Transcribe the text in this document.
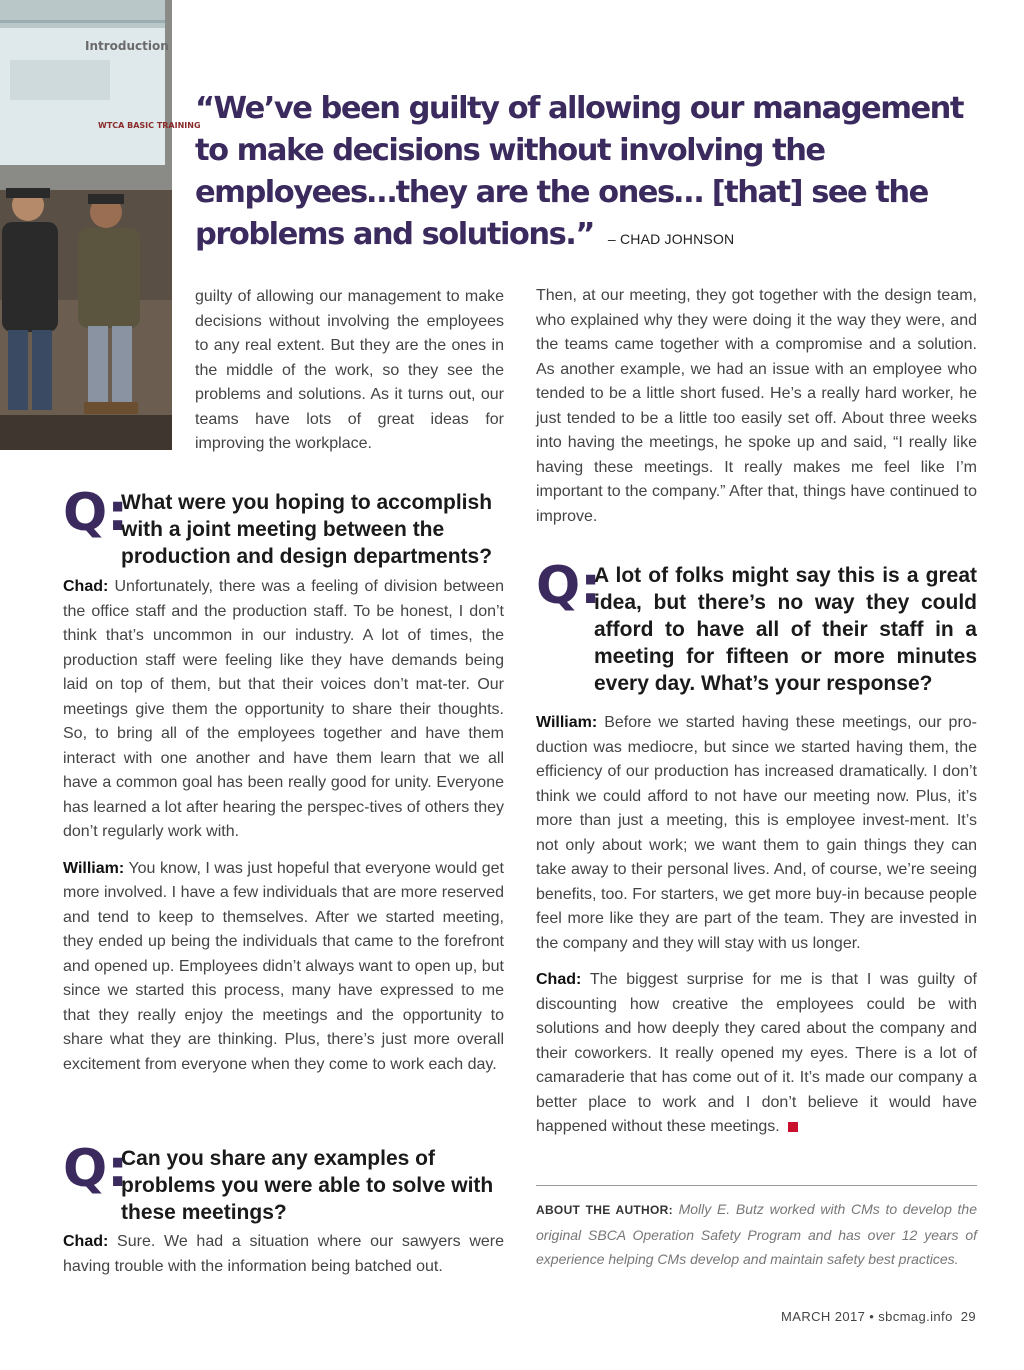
Introduction
WTCA BASIC TRAINING
“We’ve been guilty of allowing our management to make decisions without involving the employees…they are the ones… [that] see the problems and solutions.” – CHAD JOHNSON

guilty of allowing our management to make decisions without involving the employees to any real extent. But they are the ones in the middle of the work, so they see the problems and solutions. As it turns out, our teams have lots of great ideas for improving the workplace.

Q:
What were you hoping to accomplish with a joint meeting between the production and design departments?

Chad: Unfortunately, there was a feeling of division between the office staff and the production staff. To be honest, I don’t think that’s uncommon in our industry. A lot of times, the production staff were feeling like they have demands being laid on top of them, but that their voices don’t mat-ter. Our meetings give them the opportunity to share their thoughts. So, to bring all of the employees together and have them interact with one another and have them learn that we all have a common goal has been really good for unity. Everyone has learned a lot after hearing the perspec-tives of others they don’t regularly work with.

William: You know, I was just hopeful that everyone would get more involved. I have a few individuals that are more reserved and tend to keep to themselves. After we started meeting, they ended up being the individuals that came to the forefront and opened up. Employees didn’t always want to open up, but since we started this process, many have expressed to me that they really enjoy the meetings and the opportunity to share what they are thinking. Plus, there’s just more overall excitement from everyone when they come to work each day.

Q:
Can you share any examples of problems you were able to solve with these meetings?

Chad: Sure. We had a situation where our sawyers were having trouble with the information being batched out.

Then, at our meeting, they got together with the design team, who explained why they were doing it the way they were, and the teams came together with a compromise and a solution. As another example, we had an issue with an employee who tended to be a little short fused. He’s a really hard worker, he just tended to be a little too easily set off. About three weeks into having the meetings, he spoke up and said, “I really like having these meetings. It really makes me feel like I’m important to the company.” After that, things have continued to improve.

Q:
A lot of folks might say this is a great idea, but there’s no way they could afford to have all of their staff in a meeting for fifteen or more minutes every day. What’s your response?

William: Before we started having these meetings, our pro-duction was mediocre, but since we started having them, the efficiency of our production has increased dramatically. I don’t think we could afford to not have our meeting now. Plus, it’s more than just a meeting, this is employee invest-ment. It’s not only about work; we want them to gain things they can take away to their personal lives. And, of course, we’re seeing benefits, too. For starters, we get more buy-in because people feel more like they are part of the team. They are invested in the company and they will stay with us longer.

Chad: The biggest surprise for me is that I was guilty of discounting how creative the employees could be with solutions and how deeply they cared about the company and their coworkers. It really opened my eyes. There is a lot of camaraderie that has come out of it. It’s made our company a better place to work and I don’t believe it would have happened without these meetings.

ABOUT THE AUTHOR: Molly E. Butz worked with CMs to develop the original SBCA Operation Safety Program and has over 12 years of experience helping CMs develop and maintain safety best practices.
MARCH 2017 • sbcmag.info 29
